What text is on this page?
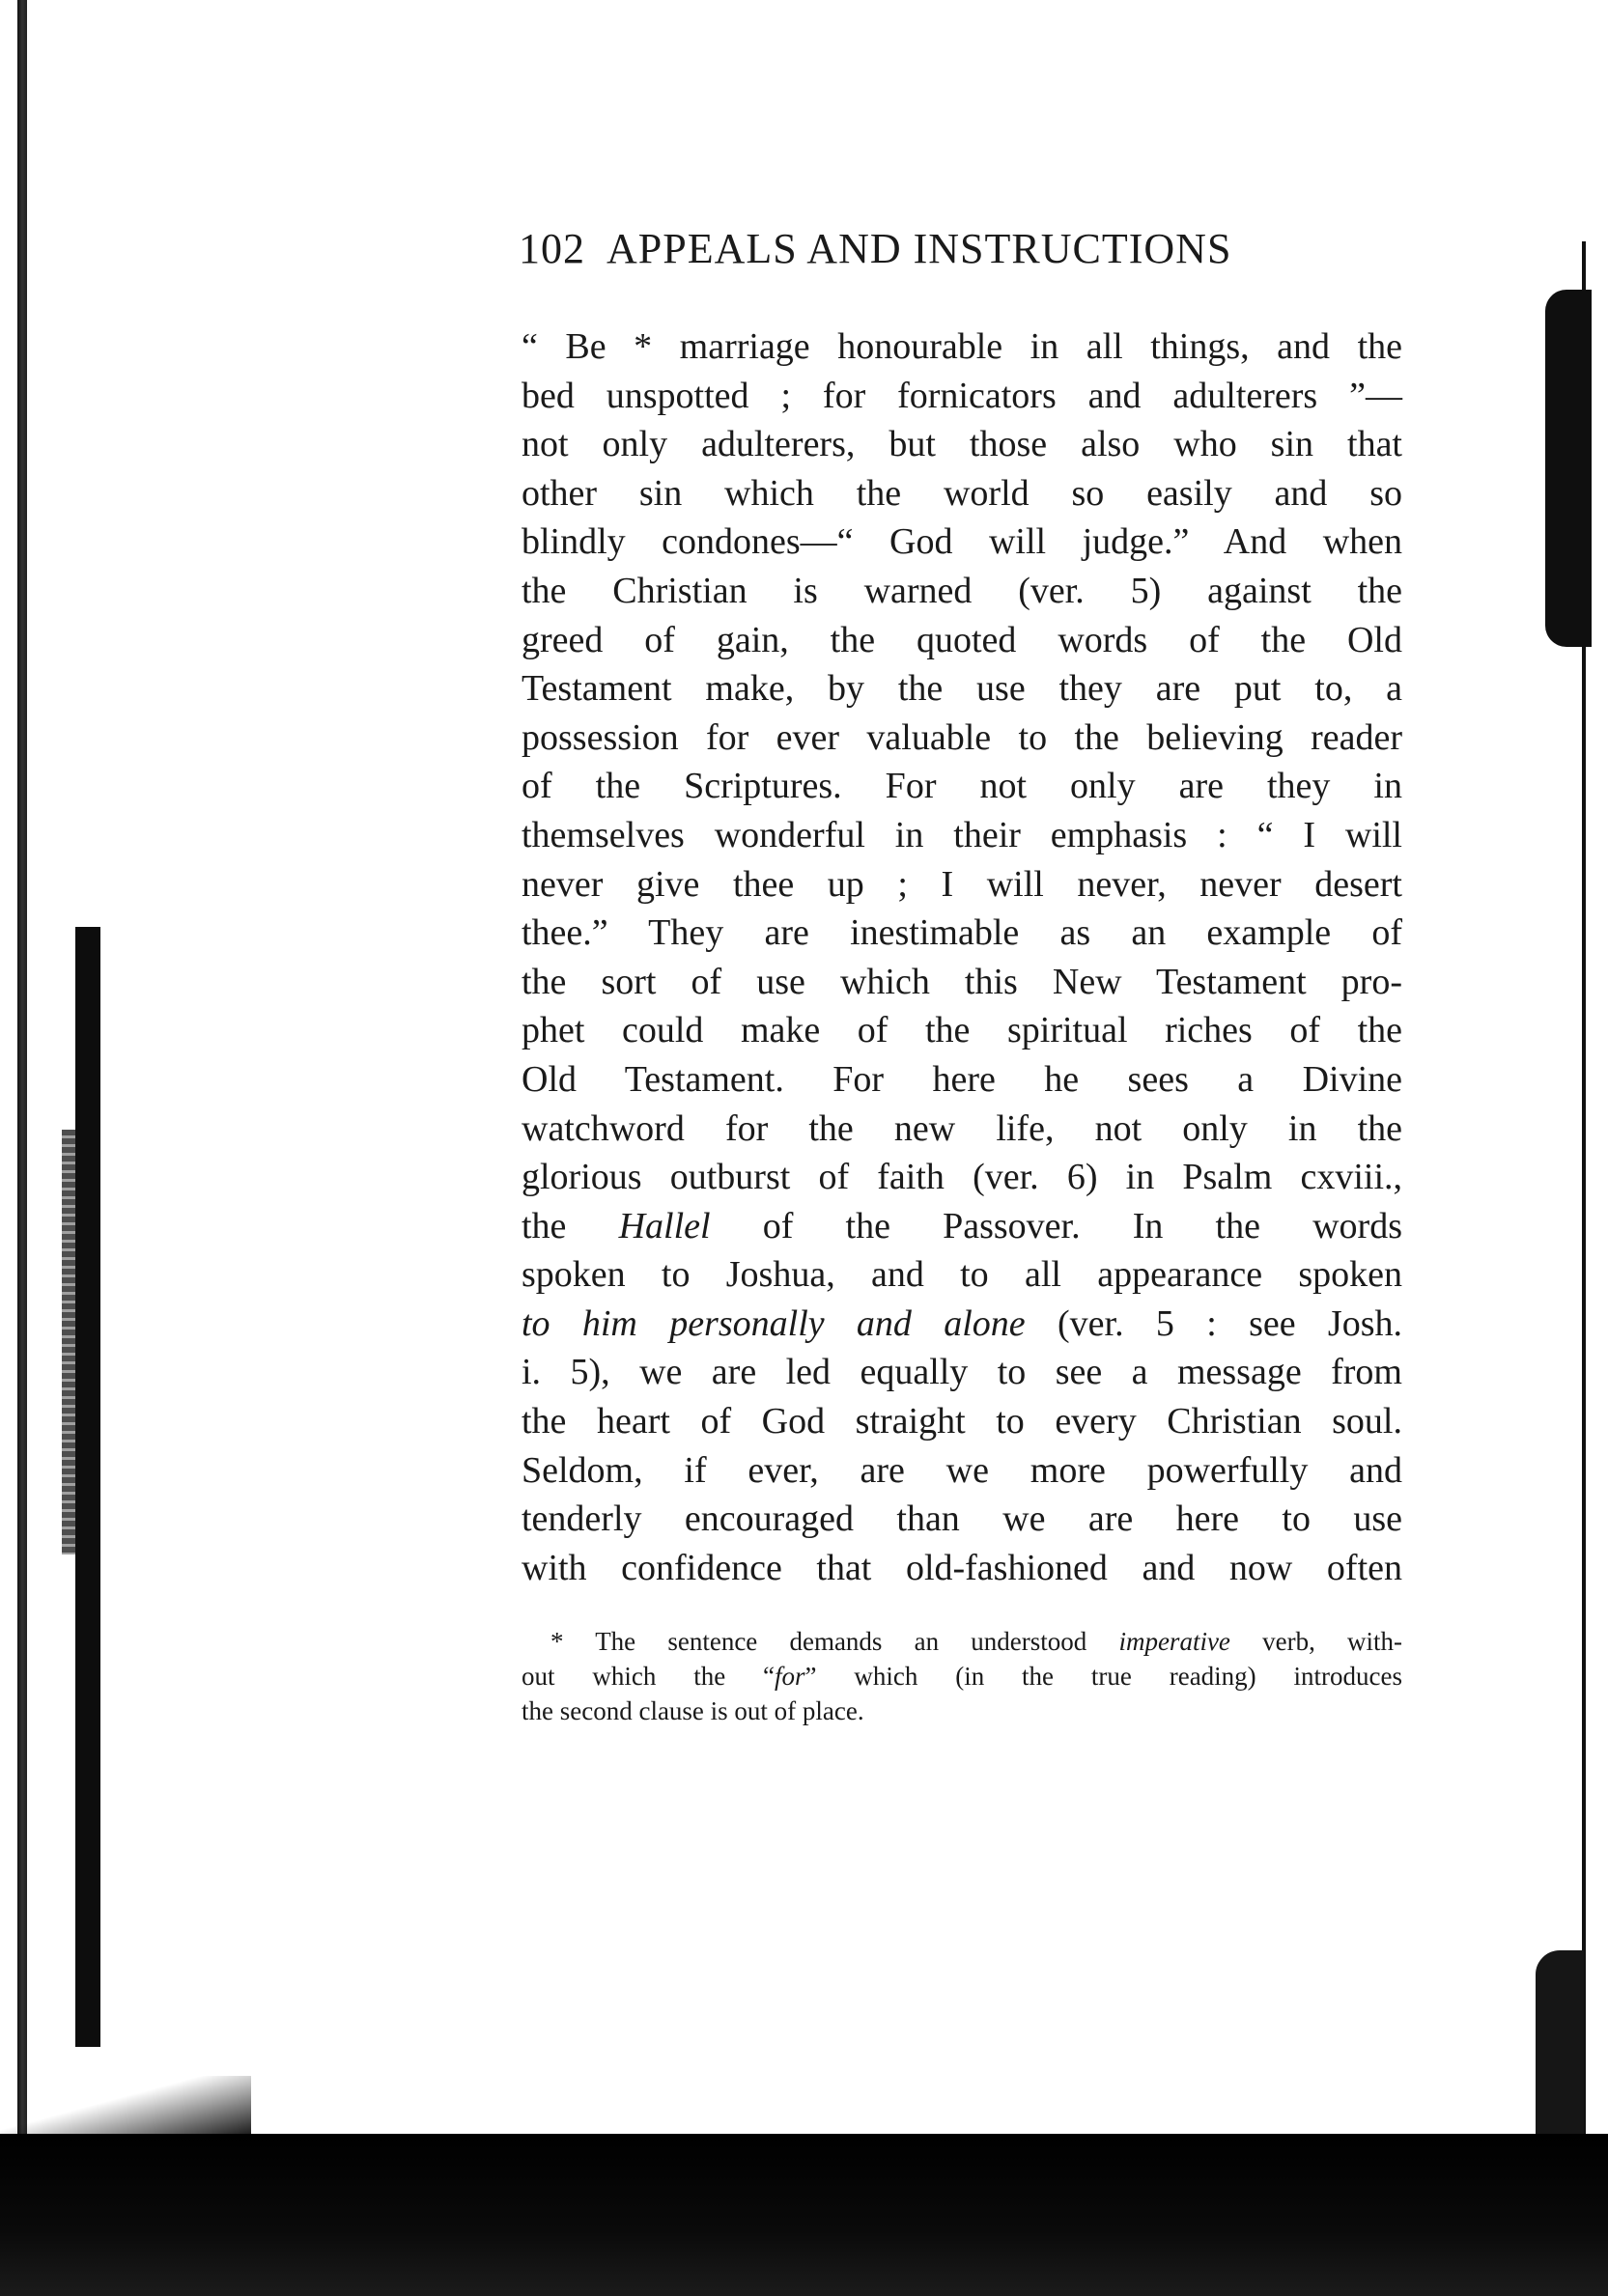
102 APPEALS AND INSTRUCTIONS
“ Be * marriage honourable in all things, and the
bed unspotted ; for fornicators and adulterers ”—
not only adulterers, but those also who sin that
other sin which the world so easily and so
blindly condones—“ God will judge.” And when
the Christian is warned (ver. 5) against the
greed of gain, the quoted words of the Old
Testament make, by the use they are put to, a
possession for ever valuable to the believing reader
of the Scriptures. For not only are they in
themselves wonderful in their emphasis : “ I will
never give thee up ; I will never, never desert
thee.” They are inestimable as an example of
the sort of use which this New Testament pro-
phet could make of the spiritual riches of the
Old Testament. For here he sees a Divine
watchword for the new life, not only in the
glorious outburst of faith (ver. 6) in Psalm cxviii.,
the Hallel of the Passover. In the words
spoken to Joshua, and to all appearance spoken
to him personally and alone (ver. 5 : see Josh.
i. 5), we are led equally to see a message from
the heart of God straight to every Christian soul.
Seldom, if ever, are we more powerfully and
tenderly encouraged than we are here to use
with confidence that old-fashioned and now often
* The sentence demands an understood imperative verb, with-
out which the “for” which (in the true reading) introduces
the second clause is out of place.
